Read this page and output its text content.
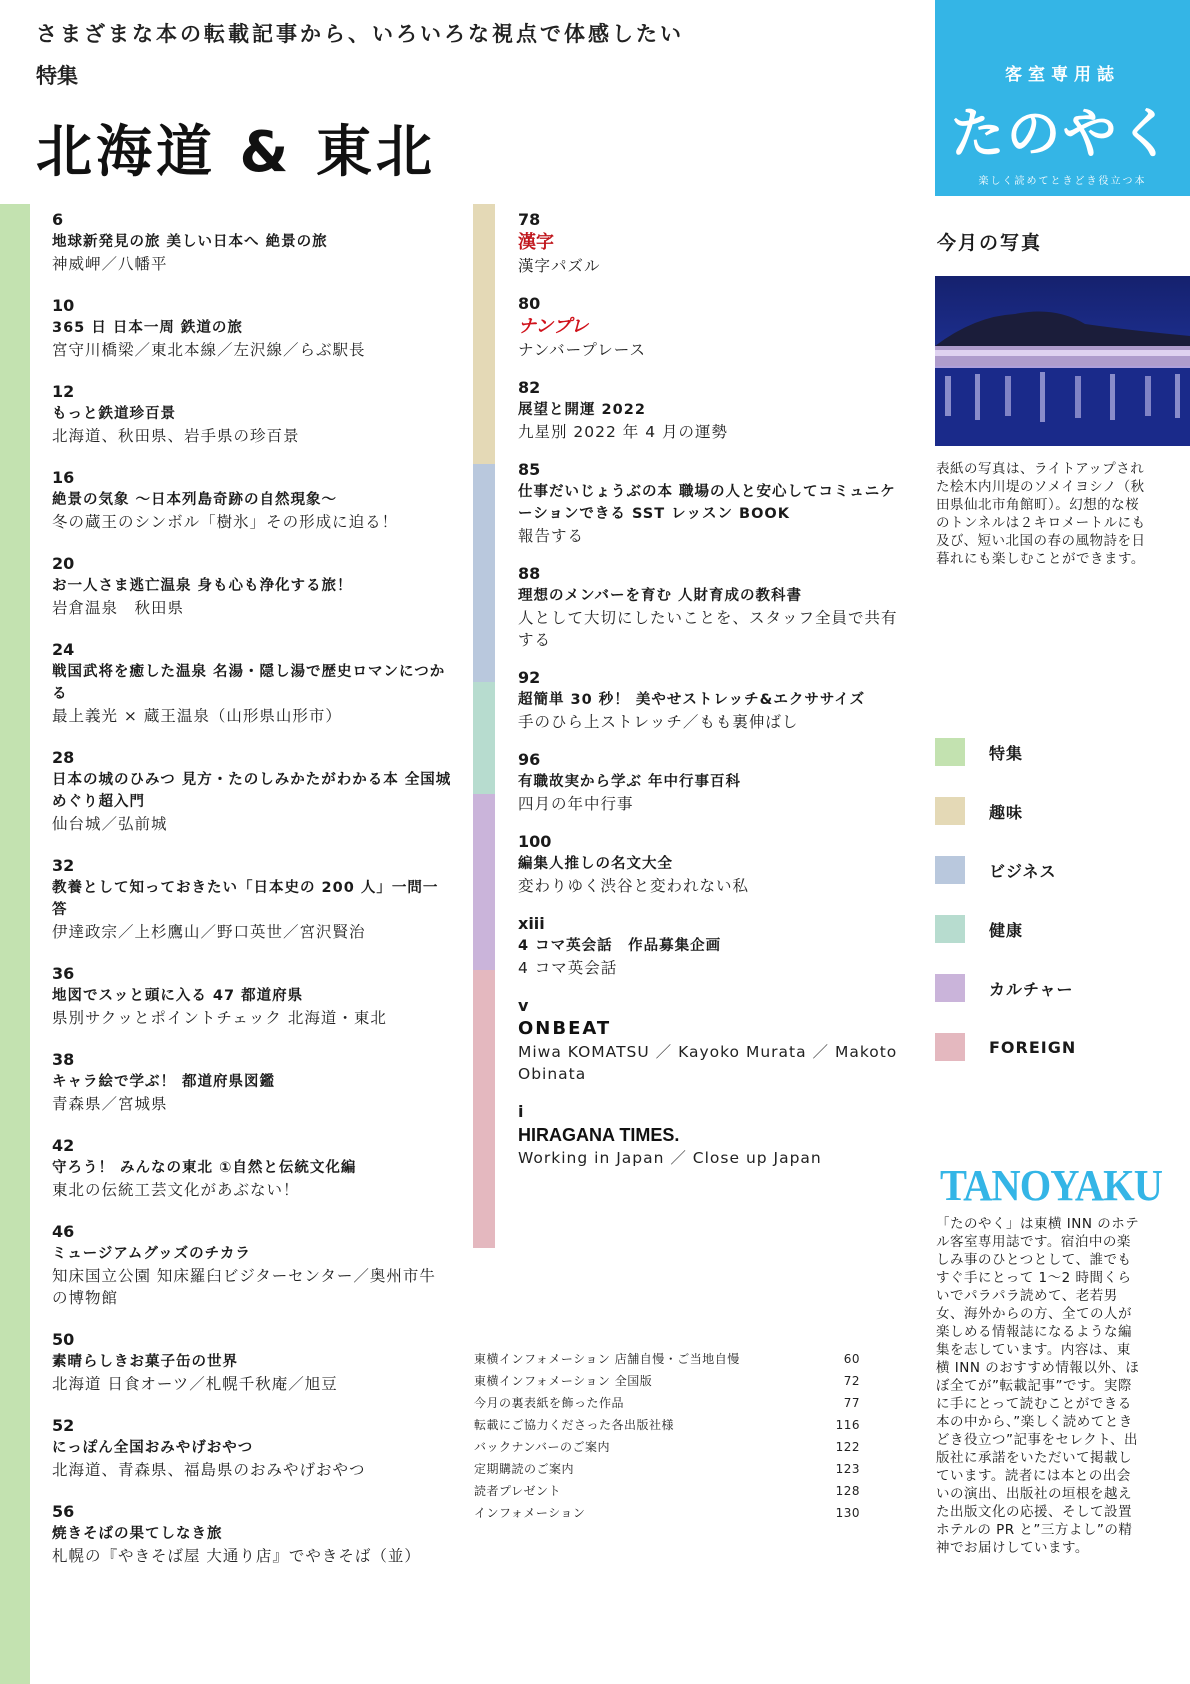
さまざまな本の転載記事から、いろいろな視点で体感したい
特集
北海道 & 東北
客室専用誌
たのやく
楽しく読めてときどき役立つ本
6
地球新発見の旅 美しい日本へ 絶景の旅
神威岬／八幡平
10
365 日 日本一周 鉄道の旅
宮守川橋梁／東北本線／左沢線／らぶ駅長
12
もっと鉄道珍百景
北海道、秋田県、岩手県の珍百景
16
絶景の気象 ～日本列島奇跡の自然現象～
冬の蔵王のシンボル「樹氷」その形成に迫る！
20
お一人さま逃亡温泉 身も心も浄化する旅！
岩倉温泉　秋田県
24
戦国武将を癒した温泉 名湯・隠し湯で歴史ロマンにつかる
最上義光 × 蔵王温泉（山形県山形市）
28
日本の城のひみつ 見方・たのしみかたがわかる本 全国城めぐり超入門
仙台城／弘前城
32
教養として知っておきたい「日本史の 200 人」一問一答
伊達政宗／上杉鷹山／野口英世／宮沢賢治
36
地図でスッと頭に入る 47 都道府県
県別サクッとポイントチェック 北海道・東北
38
キャラ絵で学ぶ！ 都道府県図鑑
青森県／宮城県
42
守ろう！ みんなの東北 ①自然と伝統文化編
東北の伝統工芸文化があぶない！
46
ミュージアムグッズのチカラ
知床国立公園 知床羅臼ビジターセンター／奥州市牛の博物館
50
素晴らしきお菓子缶の世界
北海道 日食オーツ／札幌千秋庵／旭豆
52
にっぽん全国おみやげおやつ
北海道、青森県、福島県のおみやげおやつ
56
焼きそばの果てしなき旅
札幌の『やきそば屋 大通り店』でやきそば（並）
78
漢字
漢字パズル
80
ナンプレ
ナンバープレース
82
展望と開運 2022
九星別 2022 年 4 月の運勢
85
仕事だいじょうぶの本 職場の人と安心してコミュニケーションできる SST レッスン BOOK
報告する
88
理想のメンバーを育む 人財育成の教科書
人として大切にしたいことを、スタッフ全員で共有する
92
超簡単 30 秒！ 美やせストレッチ&エクササイズ
手のひら上ストレッチ／もも裏伸ばし
96
有職故実から学ぶ 年中行事百科
四月の年中行事
100
編集人推しの名文大全
変わりゆく渋谷と変われない私
xiii
4 コマ英会話　作品募集企画
4 コマ英会話
v
ONBEAT
Miwa KOMATSU ／ Kayoko Murata ／ Makoto Obinata
i
HIRAGANA TIMES.
Working in Japan ／ Close up Japan
東横インフォメーション 店舗自慢・ご当地自慢	60
東横インフォメーション 全国版	72
今月の裏表紙を飾った作品	77
転載にご協力くださった各出版社様	116
バックナンバーのご案内	122
定期購読のご案内	123
読者プレゼント	128
インフォメーション	130
今月の写真
表紙の写真は、ライトアップされた桧木内川堤のソメイヨシノ（秋田県仙北市角館町）。幻想的な桜のトンネルは２キロメートルにも及び、短い北国の春の風物詩を日暮れにも楽しむことができます。
特集
趣味
ビジネス
健康
カルチャー
FOREIGN
TANOYAKU
「たのやく」は東横 INN のホテル客室専用誌です。宿泊中の楽しみ事のひとつとして、誰でもすぐ手にとって 1～2 時間くらいでパラパラ読めて、老若男女、海外からの方、全ての人が楽しめる情報誌になるような編集を志しています。内容は、東横 INN のおすすめ情報以外、ほぼ全てが”転載記事”です。実際に手にとって読むことができる本の中から、”楽しく読めてときどき役立つ”記事をセレクト、出版社に承諾をいただいて掲載しています。読者には本との出会いの演出、出版社の垣根を越えた出版文化の応援、そして設置ホテルの PR と”三方よし”の精神でお届けしています。
